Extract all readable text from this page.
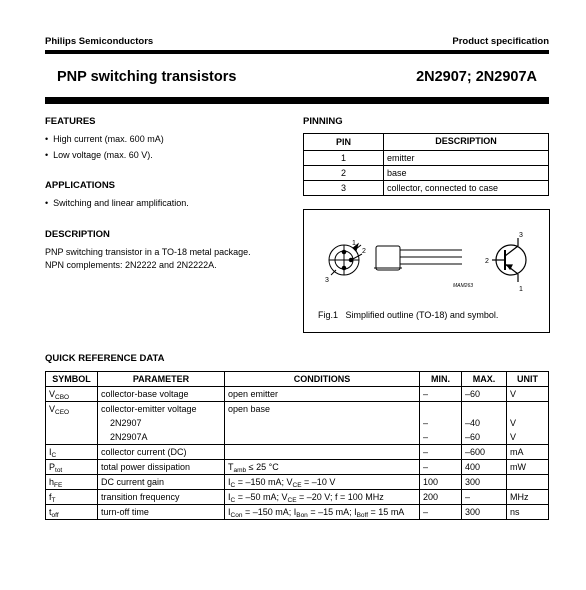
Philips Semiconductors	Product specification
PNP switching transistors	2N2907; 2N2907A
FEATURES
• High current (max. 600 mA)
• Low voltage (max. 60 V).
APPLICATIONS
• Switching and linear amplification.
DESCRIPTION
PNP switching transistor in a TO-18 metal package.
NPN complements: 2N2222 and 2N2222A.
PINNING
PIN	DESCRIPTION
1	emitter
2	base
3	collector, connected to case
1
2
3
MAM263
3
2
1
Fig.1   Simplified outline (TO-18) and symbol.
QUICK REFERENCE DATA
SYMBOL	PARAMETER	CONDITIONS	MIN.	MAX.	UNIT
$V_{CBO}$	collector-base voltage	open emitter	–	–60	V
$V_{CEO}$	collector-emitter voltage	open base			
	2N2907		–	–40	V
	2N2907A		–	–60	V
$I_C$	collector current (DC)		–	–600	mA
$P_{tot}$	total power dissipation	$T_{amb} \le 25$ °C	–	400	mW
$h_{FE}$	DC current gain	$I_C = -150$ mA; $V_{CE} = -10$ V	100	300	
$f_T$	transition frequency	$I_C = -50$ mA; $V_{CE} = -20$ V; f = 100 MHz	200	–	MHz
$t_{off}$	turn-off time	$I_{Con} = -150$ mA; $I_{Bon} = -15$ mA; $I_{Boff} = 15$ mA	–	300	ns
